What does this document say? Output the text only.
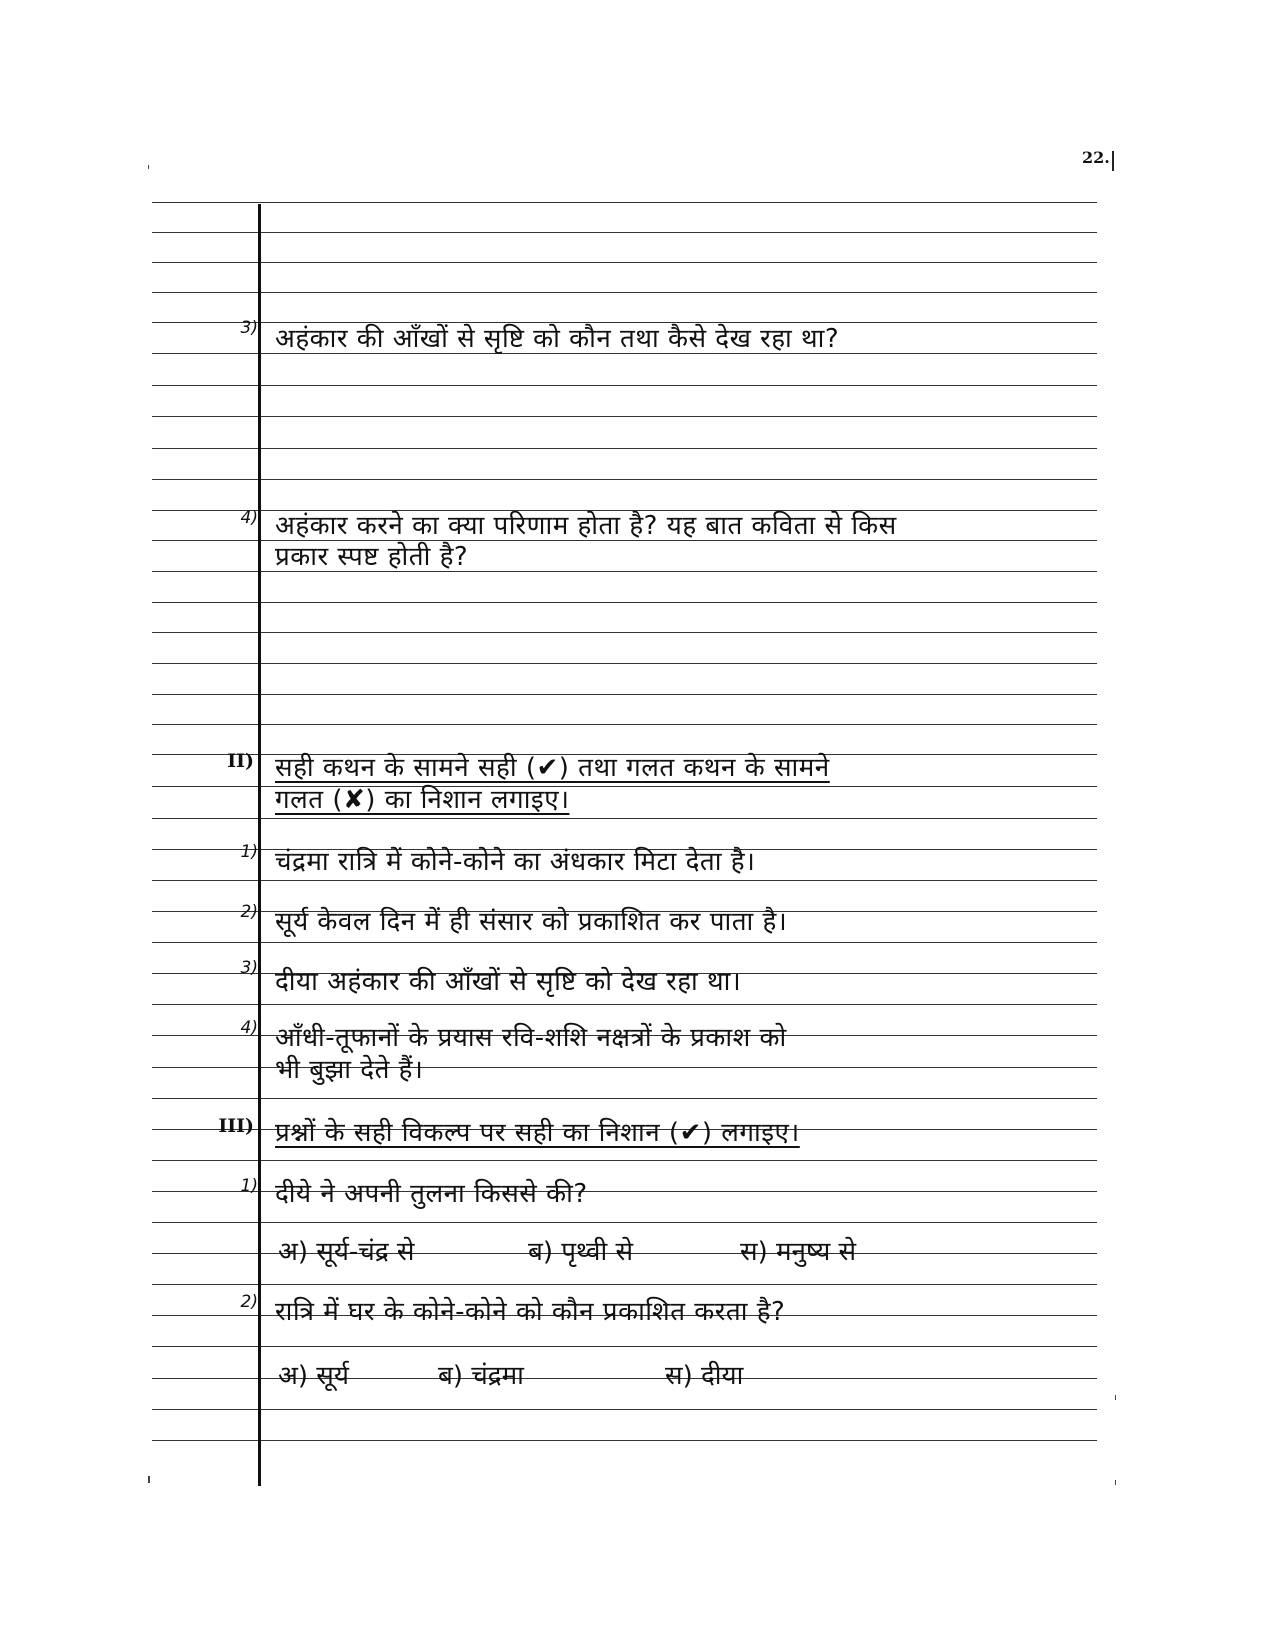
22.
3) अहंकार की आँखों से सृष्टि को कौन तथा कैसे देख रहा था?
4) अहंकार करने का क्या परिणाम होता है? यह बात कविता से किस
प्रकार स्पष्ट होती है?
II) सही कथन के सामने सही (✔) तथा गलत कथन के सामने
गलत (✘) का निशान लगाइए।
1) चंद्रमा रात्रि में कोने-कोने का अंधकार मिटा देता है।
2) सूर्य केवल दिन में ही संसार को प्रकाशित कर पाता है।
3) दीया अहंकार की आँखों से सृष्टि को देख रहा था।
4) आँधी-तूफानों के प्रयास रवि-शशि नक्षत्रों के प्रकाश को
भी बुझा देते हैं।
III) प्रश्नों के सही विकल्प पर सही का निशान (✔) लगाइए।
1) दीये ने अपनी तुलना किससे की?
अ) सूर्य-चंद्र से	ब) पृथ्वी से	स) मनुष्य से
2) रात्रि में घर के कोने-कोने को कौन प्रकाशित करता है?
अ) सूर्य	ब) चंद्रमा	स) दीया
